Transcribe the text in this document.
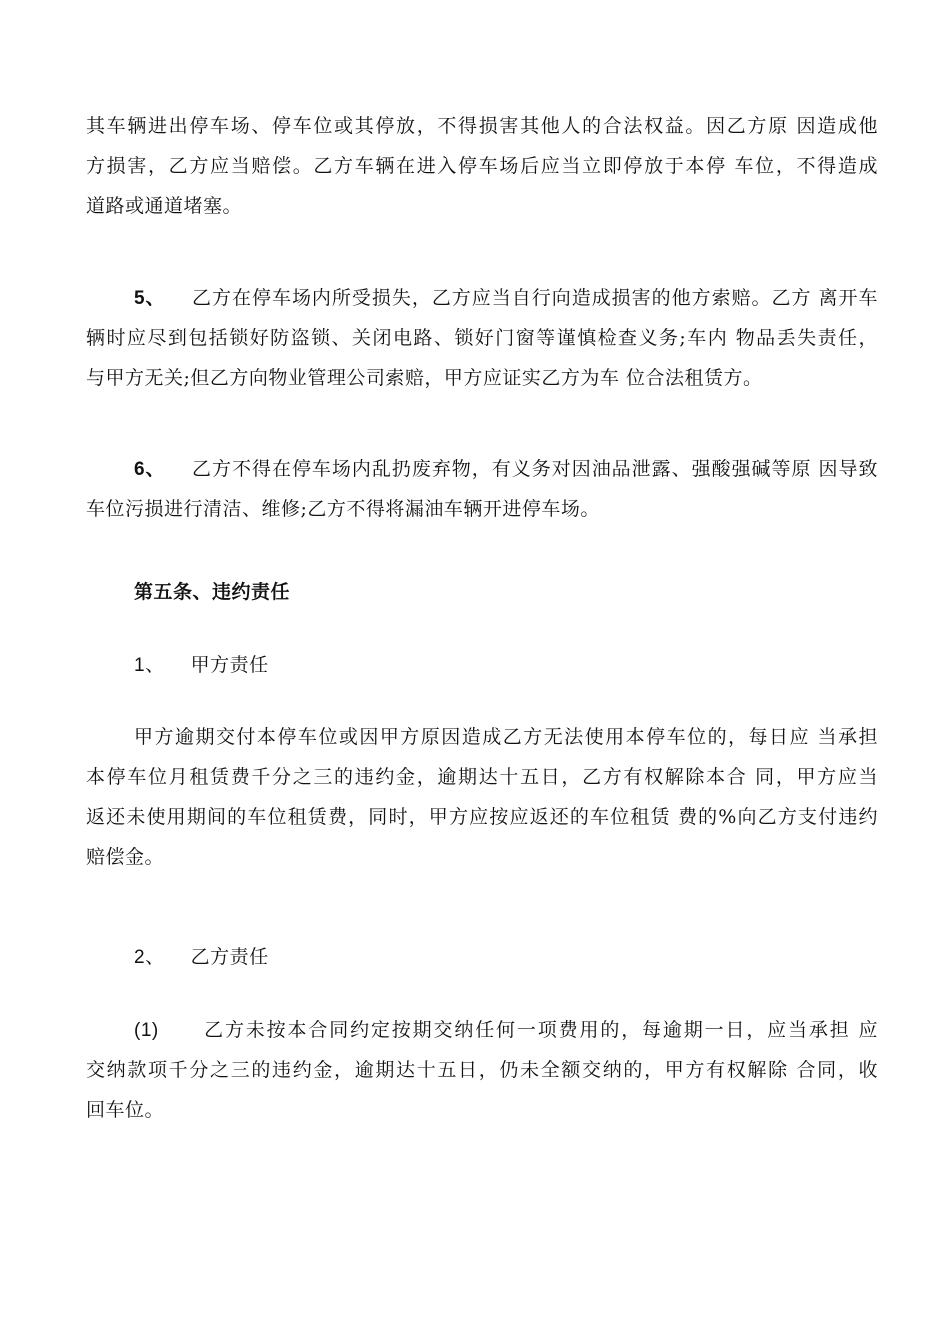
其车辆进出停车场、停车位或其停放，不得损害其他人的合法权益。因乙方原 因造成他
方损害，乙方应当赔偿。乙方车辆在进入停车场后应当立即停放于本停 车位，不得造成
道路或通道堵塞。
5、 乙方在停车场内所受损失，乙方应当自行向造成损害的他方索赔。乙方 离开车
辆时应尽到包括锁好防盗锁、关闭电路、锁好门窗等谨慎检查义务;车内 物品丢失责任，
与甲方无关;但乙方向物业管理公司索赔，甲方应证实乙方为车 位合法租赁方。
6、 乙方不得在停车场内乱扔废弃物，有义务对因油品泄露、强酸强碱等原 因导致
车位污损进行清洁、维修;乙方不得将漏油车辆开进停车场。
第五条、违约责任
1、 甲方责任
甲方逾期交付本停车位或因甲方原因造成乙方无法使用本停车位的，每日应 当承担
本停车位月租赁费千分之三的违约金，逾期达十五日，乙方有权解除本合 同，甲方应当
返还未使用期间的车位租赁费，同时，甲方应按应返还的车位租赁 费的%向乙方支付违约
赔偿金。
2、 乙方责任
(1) 乙方未按本合同约定按期交纳任何一项费用的，每逾期一日，应当承担 应
交纳款项千分之三的违约金，逾期达十五日，仍未全额交纳的，甲方有权解除 合同，收
回车位。
